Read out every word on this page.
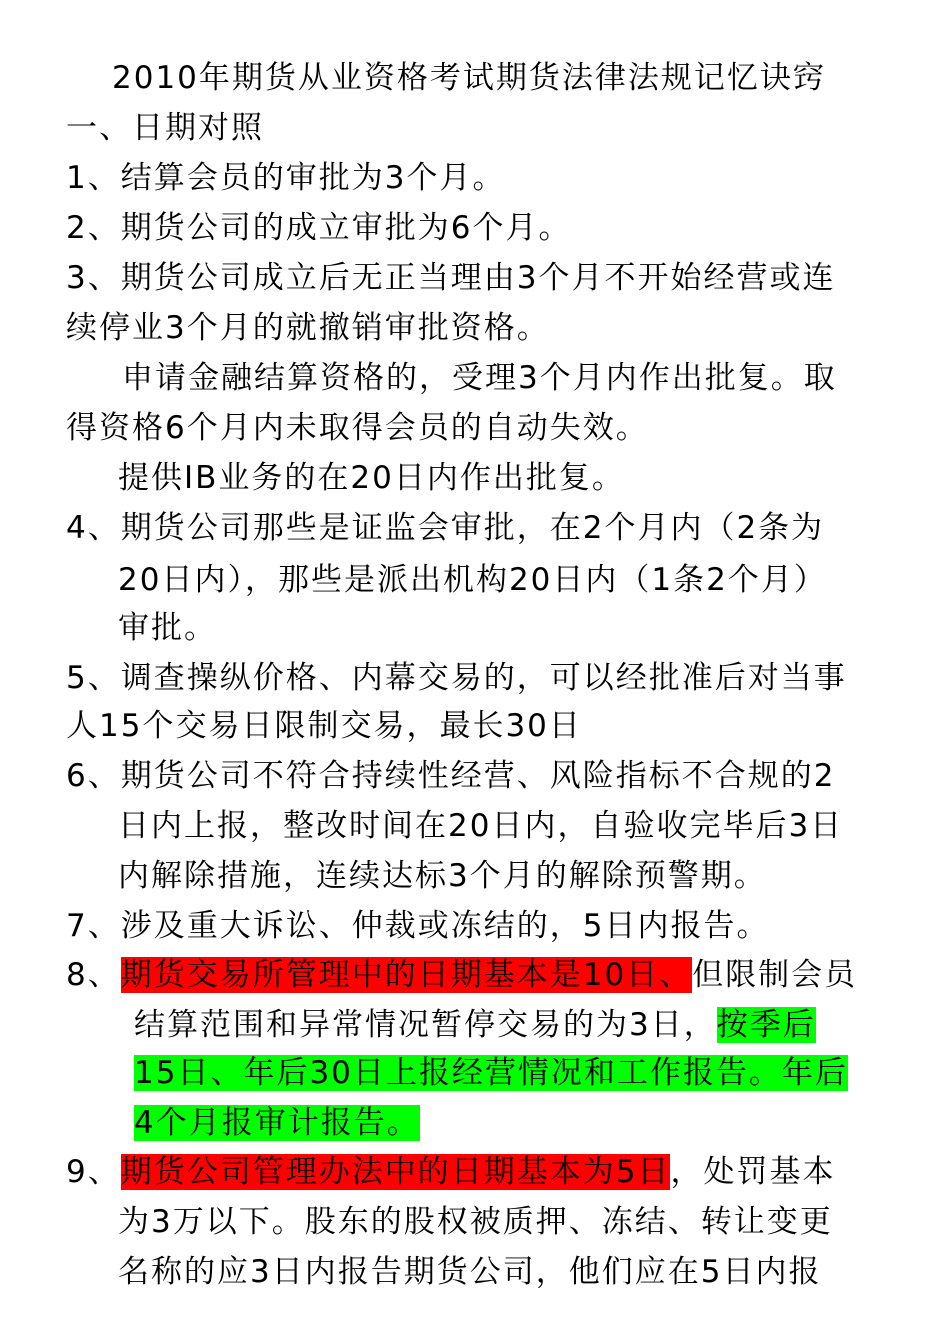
2010年期货从业资格考试期货法律法规记忆诀窍
一、日期对照
1、结算会员的审批为3个月。
2、期货公司的成立审批为6个月。
3、期货公司成立后无正当理由3个月不开始经营或连
续停业3个月的就撤销审批资格。
申请金融结算资格的，受理3个月内作出批复。取
得资格6个月内未取得会员的自动失效。
提供IB业务的在20日内作出批复。
4、期货公司那些是证监会审批，在2个月内（2条为
20日内），那些是派出机构20日内（1条2个月）
审批。
5、调查操纵价格、内幕交易的，可以经批准后对当事
人15个交易日限制交易，最长30日
6、期货公司不符合持续性经营、风险指标不合规的2
日内上报，整改时间在20日内，自验收完毕后3日
内解除措施，连续达标3个月的解除预警期。
7、涉及重大诉讼、仲裁或冻结的，5日内报告。
8、期货交易所管理中的日期基本是10日、但限制会员
结算范围和异常情况暂停交易的为3日，按季后
15日、年后30日上报经营情况和工作报告。年后
4个月报审计报告。
9、期货公司管理办法中的日期基本为5日，处罚基本
为3万以下。股东的股权被质押、冻结、转让变更
名称的应3日内报告期货公司，他们应在5日内报
